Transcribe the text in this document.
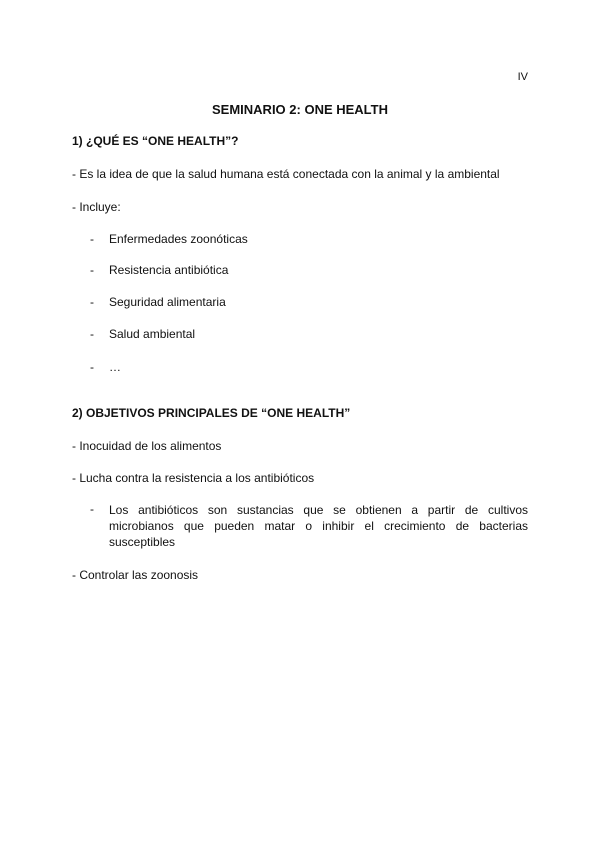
IV
SEMINARIO 2: ONE HEALTH
1) ¿QUÉ ES “ONE HEALTH”?
- Es la idea de que la salud humana está conectada con la animal y la ambiental
- Incluye:
- Enfermedades zoonóticas
- Resistencia antibiótica
- Seguridad alimentaria
- Salud ambiental
- …
2) OBJETIVOS PRINCIPALES DE “ONE HEALTH”
- Inocuidad de los alimentos
- Lucha contra la resistencia a los antibióticos
- Los antibióticos son sustancias que se obtienen a partir de cultivos microbianos que pueden matar o inhibir el crecimiento de bacterias susceptibles
- Controlar las zoonosis
